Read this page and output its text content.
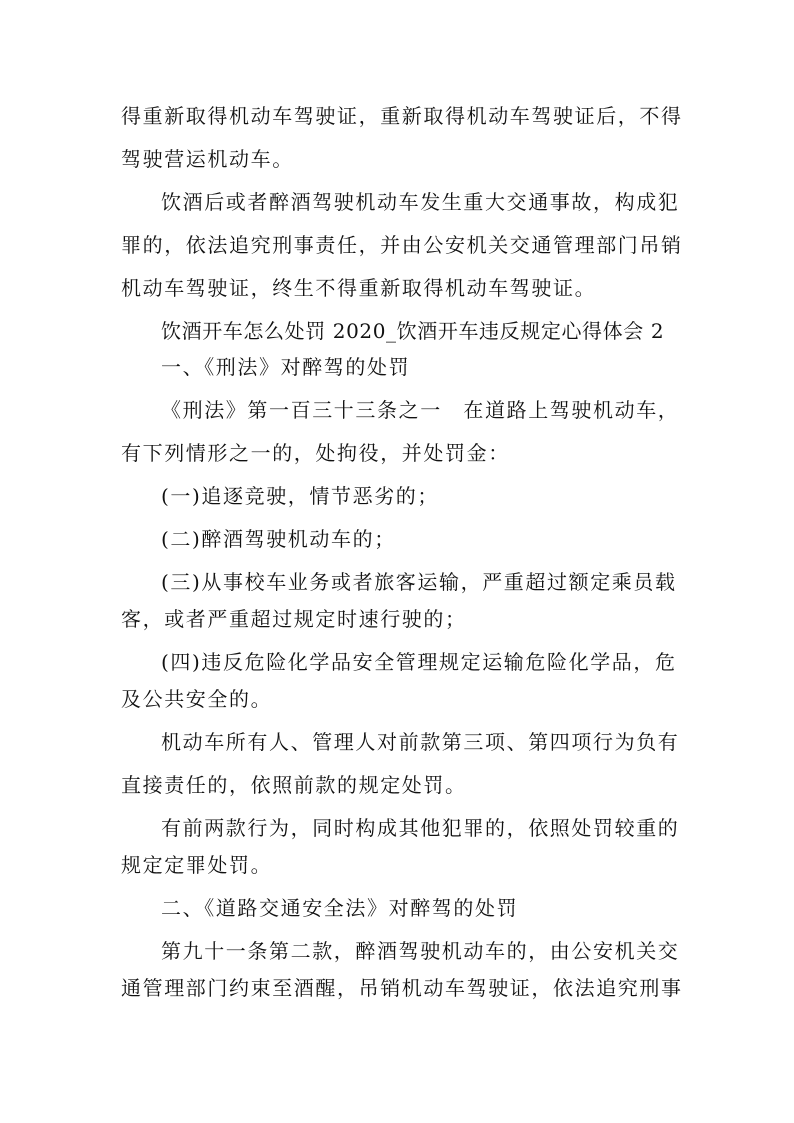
得重新取得机动车驾驶证，重新取得机动车驾驶证后，不得
驾驶营运机动车。
饮酒后或者醉酒驾驶机动车发生重大交通事故，构成犯
罪的，依法追究刑事责任，并由公安机关交通管理部门吊销
机动车驾驶证，终生不得重新取得机动车驾驶证。
饮酒开车怎么处罚 2020_饮酒开车违反规定心得体会 2
一、《刑法》对醉驾的处罚
《刑法》第一百三十三条之一　在道路上驾驶机动车，
有下列情形之一的，处拘役，并处罚金：
(一)追逐竞驶，情节恶劣的；
(二)醉酒驾驶机动车的；
(三)从事校车业务或者旅客运输，严重超过额定乘员载
客，或者严重超过规定时速行驶的；
(四)违反危险化学品安全管理规定运输危险化学品，危
及公共安全的。
机动车所有人、管理人对前款第三项、第四项行为负有
直接责任的，依照前款的规定处罚。
有前两款行为，同时构成其他犯罪的，依照处罚较重的
规定定罪处罚。
二、《道路交通安全法》对醉驾的处罚
第九十一条第二款，醉酒驾驶机动车的，由公安机关交
通管理部门约束至酒醒，吊销机动车驾驶证，依法追究刑事
